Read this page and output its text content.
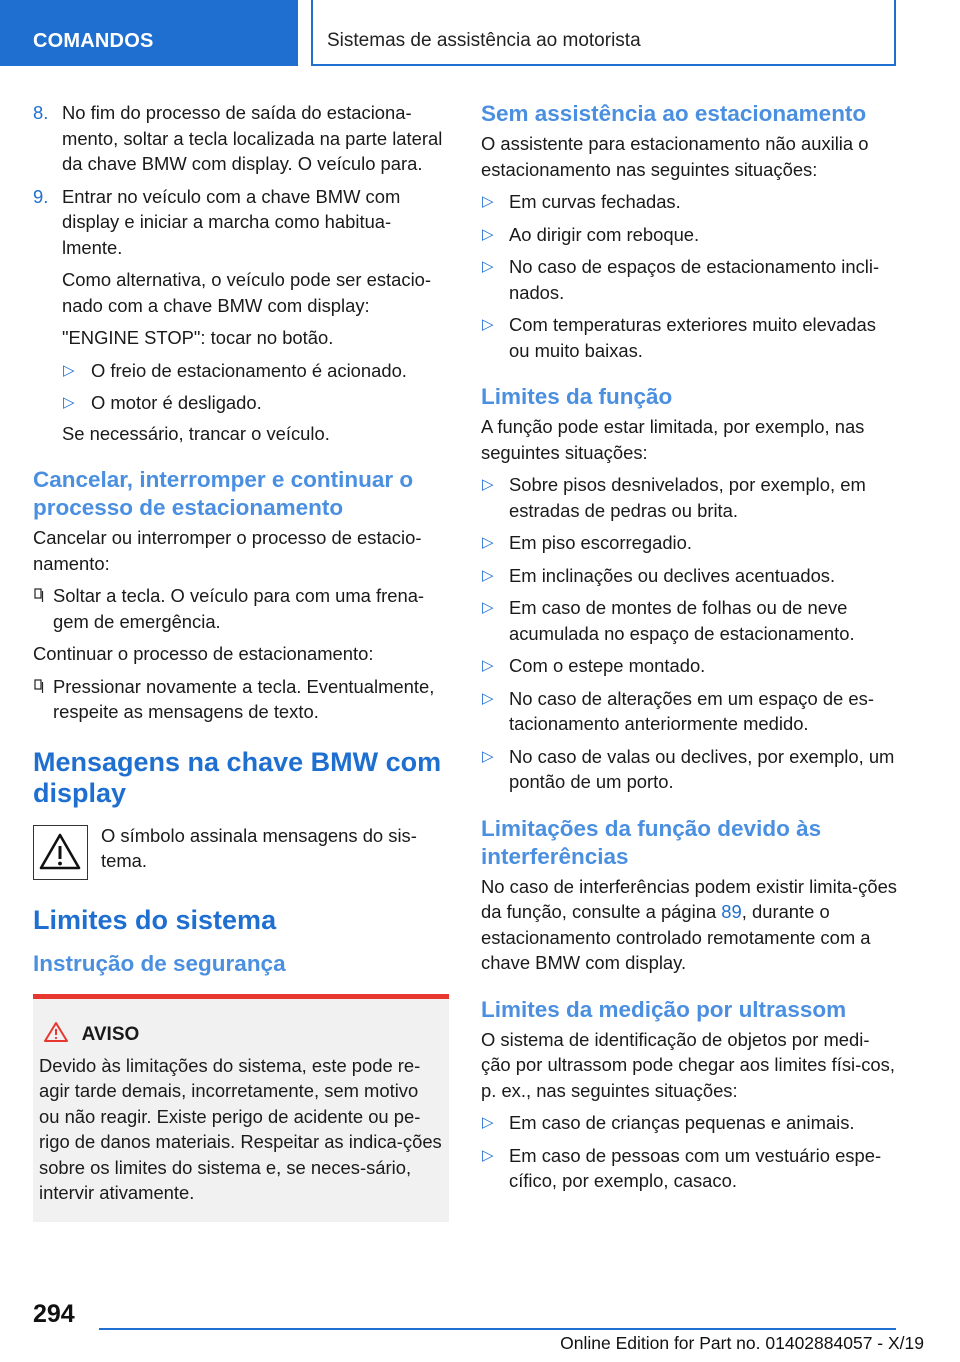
COMANDOS	Sistemas de assistência ao motorista
8. No fim do processo de saída do estaciona-mento, soltar a tecla localizada na parte lateral da chave BMW com display. O veículo para.
9. Entrar no veículo com a chave BMW com display e iniciar a marcha como habitua-lmente.
Como alternativa, o veículo pode ser estacio-nado com a chave BMW com display:
"ENGINE STOP": tocar no botão.
▷ O freio de estacionamento é acionado.
▷ O motor é desligado.

Se necessário, trancar o veículo.

Cancelar, interromper e continuar o processo de estacionamento

Cancelar ou interromper o processo de estacio-namento:

Soltar a tecla. O veículo para com uma frena-gem de emergência.

Continuar o processo de estacionamento:

Pressionar novamente a tecla. Eventualmente, respeite as mensagens de texto.

Mensagens na chave BMW com display

O símbolo assinala mensagens do sis-tema.

Limites do sistema
Instrução de segurança
AVISO

Devido às limitações do sistema, este pode re-agir tarde demais, incorretamente, sem motivo ou não reagir. Existe perigo de acidente ou pe-rigo de danos materiais. Respeitar as indica-ções sobre os limites do sistema e, se neces-sário, intervir ativamente.

Sem assistência ao estacionamento

O assistente para estacionamento não auxilia o estacionamento nas seguintes situações:

▷ Em curvas fechadas.
▷ Ao dirigir com reboque.
▷ No caso de espaços de estacionamento incli-nados.
▷ Com temperaturas exteriores muito elevadas ou muito baixas.
Limites da função

A função pode estar limitada, por exemplo, nas seguintes situações:

▷ Sobre pisos desnivelados, por exemplo, em estradas de pedras ou brita.
▷ Em piso escorregadio.
▷ Em inclinações ou declives acentuados.
▷ Em caso de montes de folhas ou de neve acumulada no espaço de estacionamento.
▷ Com o estepe montado.
▷ No caso de alterações em um espaço de es-tacionamento anteriormente medido.
▷ No caso de valas ou declives, por exemplo, um pontão de um porto.
Limitações da função devido às interferências

No caso de interferências podem existir limita-ções da função, consulte a página 89, durante o estacionamento controlado remotamente com a chave BMW com display.

Limites da medição por ultrassom

O sistema de identificação de objetos por medi-ção por ultrassom pode chegar aos limites físi-cos, p. ex., nas seguintes situações:

▷ Em caso de crianças pequenas e animais.
▷ Em caso de pessoas com um vestuário espe-cífico, por exemplo, casaco.
294
Online Edition for Part no. 01402884057 - X/19
